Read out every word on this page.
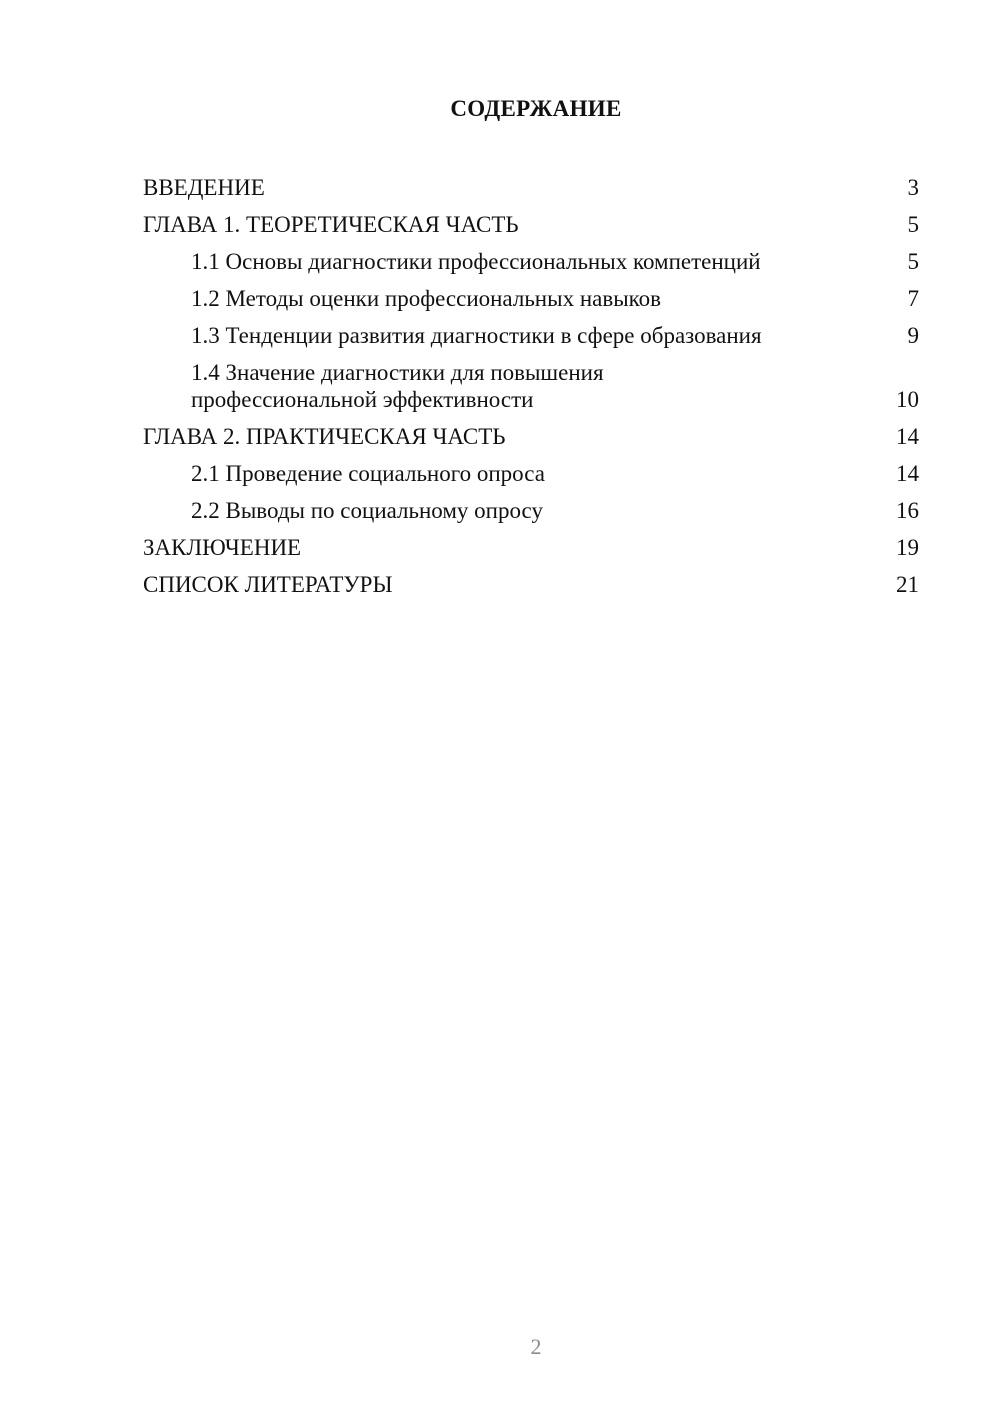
СОДЕРЖАНИЕ
ВВЕДЕНИЕ	3
ГЛАВА 1. ТЕОРЕТИЧЕСКАЯ ЧАСТЬ	5
1.1 Основы диагностики профессиональных компетенций	5
1.2 Методы оценки профессиональных навыков	7
1.3 Тенденции развития диагностики в сфере образования	9
1.4 Значение диагностики для повышения
профессиональной эффективности	10
ГЛАВА 2. ПРАКТИЧЕСКАЯ ЧАСТЬ	14
2.1 Проведение социального опроса	14
2.2 Выводы по социальному опросу	16
ЗАКЛЮЧЕНИЕ	19
СПИСОК ЛИТЕРАТУРЫ	21
2
